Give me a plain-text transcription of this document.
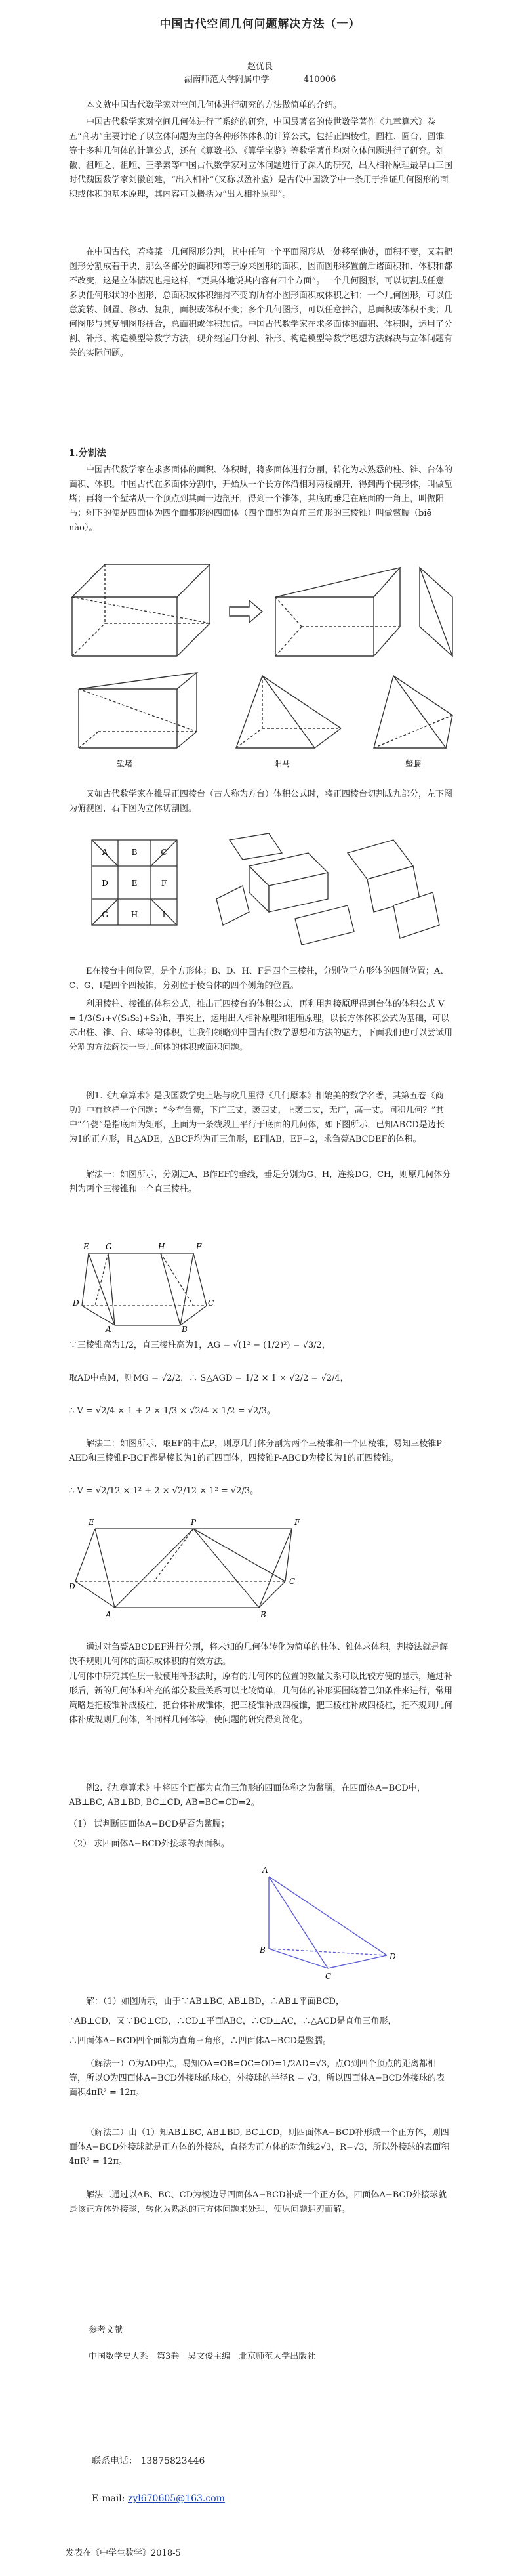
中国古代空间几何问题解决方法（一）
赵优良
湖南师范大学附属中学	410006

本文就中国古代数学家对空间几何体进行研究的方法做简单的介绍。

中国古代数学家对空间几何体进行了系统的研究，中国最著名的传世数学著作《九章算术》卷五“商功”主要讨论了以立体问题为主的各种形体体积的计算公式，包括正四棱柱，圆柱、圆台、圆锥等十多种几何体的计算公式，还有《算数书》、《算学宝鉴》等数学著作均对立体问题进行了研究。刘徽、祖暅之、祖暅、王孝素等中国古代数学家对立体问题进行了深入的研究，出入相补原理最早由三国时代魏国数学家刘徽创建，“出入相补”（又称以盈补虚）是古代中国数学中一条用于推证几何图形的面积或体积的基本原理，其内容可以概括为“出入相补原理”。

在中国古代，若将某一几何图形分割，其中任何一个平面图形从一处移至他处，面积不变，又若把图形分割成若干块，那么各部分的面积和等于原来图形的面积，因而图形移置前后诸面积和、体积和都不改变，这是立体情况也是这样，“更具体地说其内容有四个方面”。一个几何图形，可以切割成任意多块任何形状的小图形，总面积或体积维持不变的所有小图形面积或体积之和；一个几何图形，可以任意旋转、倒置、移动、复制，面积或体积不变；多个几何图形，可以任意拼合，总面积或体积不变；几何图形与其复制图形拼合，总面积或体积加倍。中国古代数学家在求多面体的面积、体积时，运用了分割、补形、构造模型等数学方法，现介绍运用分割、补形、构造模型等数学思想方法解决与立体问题有关的实际问题。

1.分割法

中国古代数学家在求多面体的面积、体积时，将多面体进行分割，转化为求熟悉的柱、锥、台体的面积、体积。中国古代在多面体分割中，开始从一个长方体沿相对两棱剖开，得到两个楔形体，叫做堑堵；再将一个堑堵从一个顶点到其面一边剖开，得到一个锥体，其底的垂足在底面的一角上，叫做阳马；剩下的便是四面体为四个面都形的四面体（四个面都为直角三角形的三棱锥）叫做鳖臑（biē nào）。

堑堵	阳马	鳖臑

又如古代数学家在推导正四棱台（古人称为方台）体积公式时，将正四棱台切割成九部分，左下图为俯视图，右下图为立体切割图。

A	B	C
D	E	F
G	H	I

E在棱台中间位置，是个方形体；B、D、H、F是四个三棱柱，分别位于方形体的四侧位置；A、C、G、I是四个四棱锥，分别位于棱台体的四个侧角的位置。

利用棱柱、棱锥的体积公式，推出正四棱台的体积公式，再利用割接原理得到台体的体积公式 V = 1/3(S₁+√(S₁S₂)+S₂)h，事实上，运用出入相补原理和祖暅原理，以长方体体积公式为基础，可以求出柱、锥、台、球等的体积，让我们领略到中国古代数学思想和方法的魅力，下面我们也可以尝试用分割的方法解决一些几何体的体积或面积问题。

例1.《九章算术》是我国数学史上堪与欧几里得《几何原本》相媲美的数学名著，其第五卷《商功》中有这样一个问题：“今有刍甍，下广三丈，袤四丈，上袤二丈，无广，高一丈。问积几何？”其中“刍甍”是指底面为矩形，上面为一条线段且平行于底面的几何体，如下图所示，已知ABCD是边长为1的正方形，且△ADE，△BCF均为正三角形，EF∥AB，EF=2，求刍甍ABCDEF的体积。

E G	H	F
A	B
C
D

解法一：如图所示，分别过A、B作EF的垂线，垂足分别为G、H，连接DG、CH，则原几何体分割为两个三棱锥和一个直三棱柱。

∵三棱锥高为1/2，直三棱柱高为1，AG = √(1² − (1/2)²) = √3/2，

取AD中点M，则MG = √2/2，∴ S△AGD = 1/2 × 1 × √2/2 = √2/4，

∴ V = √2/4 × 1 + 2 × 1/3 × √2/4 × 1/2 = √2/3。

解法二：如图所示，取EF的中点P，则原几何体分割为两个三棱锥和一个四棱锥，易知三棱锥P-AED和三棱锥P-BCF都是棱长为1的正四面体，四棱锥P-ABCD为棱长为1的正四棱锥。

∴ V = √2/12 × 1² + 2 × √2/12 × 1² = √2/3。

E	P	F
D
C
A	B

通过对刍甍ABCDEF进行分割，将未知的几何体转化为简单的柱体、锥体求体积，割接法就是解决不规则几何体的面积或体积的有效方法。

几何体中研究其性质一般使用补形法时，原有的几何体的位置的数量关系可以比较方便的显示，通过补形后，新的几何体和补充的部分数量关系可以比较简单，几何体的补形要围绕着已知条件来进行，常用策略是把棱锥补成棱柱，把台体补成锥体，把三棱锥补成四棱锥，把三棱柱补成四棱柱，把不规则几何体补成规则几何体，补同样几何体等，使问题的研究得到简化。

例2.《九章算术》中将四个面都为直角三角形的四面体称之为鳖臑，在四面体A−BCD中，AB⊥BC, AB⊥BD, BC⊥CD, AB=BC=CD=2。

（1） 试判断四面体A−BCD是否为鳖臑；

（2） 求四面体A−BCD外接球的表面积。

A
B
C
D

解：（1）如图所示，由于∵AB⊥BC, AB⊥BD，∴AB⊥平面BCD，

∴AB⊥CD，又∵BC⊥CD，∴CD⊥平面ABC，∴CD⊥AC，∴△ACD是直角三角形，

∴四面体A−BCD四个面都为直角三角形，∴四面体A−BCD是鳖臑。

（解法一）O为AD中点，易知OA=OB=OC=OD=1/2AD=√3，点O到四个顶点的距离都相等，所以O为四面体A−BCD外接球的球心，外接球的半径R = √3，所以四面体A−BCD外接球的表面积4πR² = 12π。

（解法二）由（1）知AB⊥BC, AB⊥BD, BC⊥CD，则四面体A−BCD补形成一个正方体，则四面体A−BCD外接球就是正方体的外接球，直径为正方体的对角线2√3，R=√3，所以外接球的表面积4πR² = 12π。

解法二通过以AB、BC、CD为棱边导四面体A−BCD补成一个正方体，四面体A−BCD外接球就是该正方体外接球，转化为熟悉的正方体问题来处理，使原问题迎刃而解。

参考文献
中国数学史大系　第3卷　吴文俊主编　北京师范大学出版社
联系电话： 13875823446
E-mail: zyl670605@163.com
发表在《中学生数学》2018-5
